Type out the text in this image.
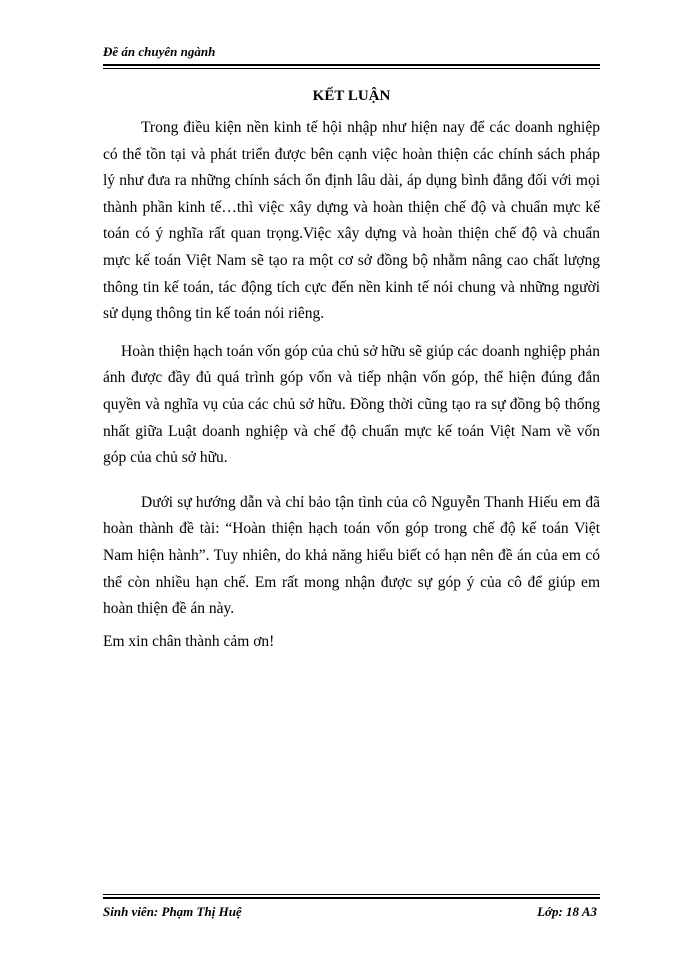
Đề án chuyên ngành
KẾT LUẬN

Trong điều kiện nền kinh tế hội nhập như hiện nay để các doanh nghiệp có thể tồn tại và phát triển được bên cạnh việc hoàn thiện các chính sách pháp lý như đưa ra những chính sách ổn định lâu dài, áp dụng bình đẳng đối với mọi thành phần kinh tế…thì việc xây dựng và hoàn thiện chế độ và chuẩn mực kế toán có ý nghĩa rất quan trọng.Việc xây dựng và hoàn thiện chế độ và chuẩn mực kế toán Việt Nam sẽ tạo ra một cơ sở đồng bộ nhằm nâng cao chất lượng thông tin kế toán, tác động tích cực đến nền kinh tế nói chung và những người sử dụng thông tin kế toán nói riêng.

Hoàn thiện hạch toán vốn góp của chủ sở hữu sẽ giúp các doanh nghiệp phản ánh được đầy đủ quá trình góp vốn và tiếp nhận vốn góp, thể hiện đúng đắn quyền và nghĩa vụ của các chủ sở hữu. Đồng thời cũng tạo ra sự đồng bộ thống nhất giữa Luật doanh nghiệp và chế độ chuẩn mực kế toán Việt Nam về vốn góp của chủ sở hữu.

Dưới sự hướng dẫn và chỉ bảo tận tình của cô Nguyễn Thanh Hiếu em đã hoàn thành đề tài: “Hoàn thiện hạch toán vốn góp trong chế độ kế toán Việt Nam hiện hành”. Tuy nhiên, do khả năng hiểu biết có hạn nên đề án của em có thể còn nhiều hạn chế. Em rất mong nhận được sự góp ý của cô để giúp em hoàn thiện đề án này.

Em xin chân thành cảm ơn!

Sinh viên: Phạm Thị Huệ	Lớp: 18 A3
